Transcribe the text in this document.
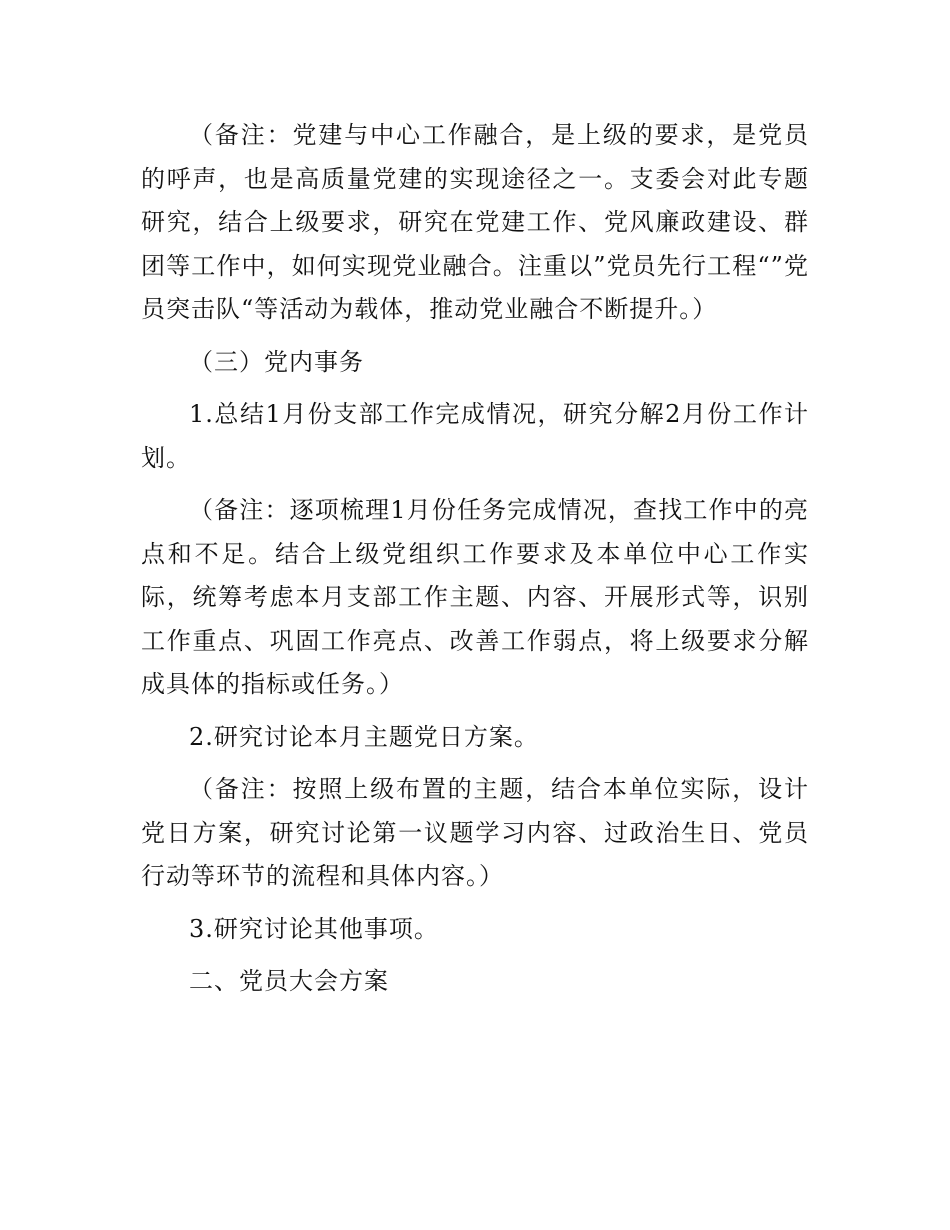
（备注：党建与中心工作融合，是上级的要求，是党员的呼声，也是高质量党建的实现途径之一。支委会对此专题研究，结合上级要求，研究在党建工作、党风廉政建设、群团等工作中，如何实现党业融合。注重以”党员先行工程“”党员突击队“等活动为载体，推动党业融合不断提升。）

（三）党内事务

1.总结1月份支部工作完成情况，研究分解2月份工作计划。

（备注：逐项梳理1月份任务完成情况，查找工作中的亮点和不足。结合上级党组织工作要求及本单位中心工作实际，统筹考虑本月支部工作主题、内容、开展形式等，识别工作重点、巩固工作亮点、改善工作弱点，将上级要求分解成具体的指标或任务。）

2.研究讨论本月主题党日方案。

（备注：按照上级布置的主题，结合本单位实际，设计党日方案，研究讨论第一议题学习内容、过政治生日、党员行动等环节的流程和具体内容。）

3.研究讨论其他事项。

二、党员大会方案
